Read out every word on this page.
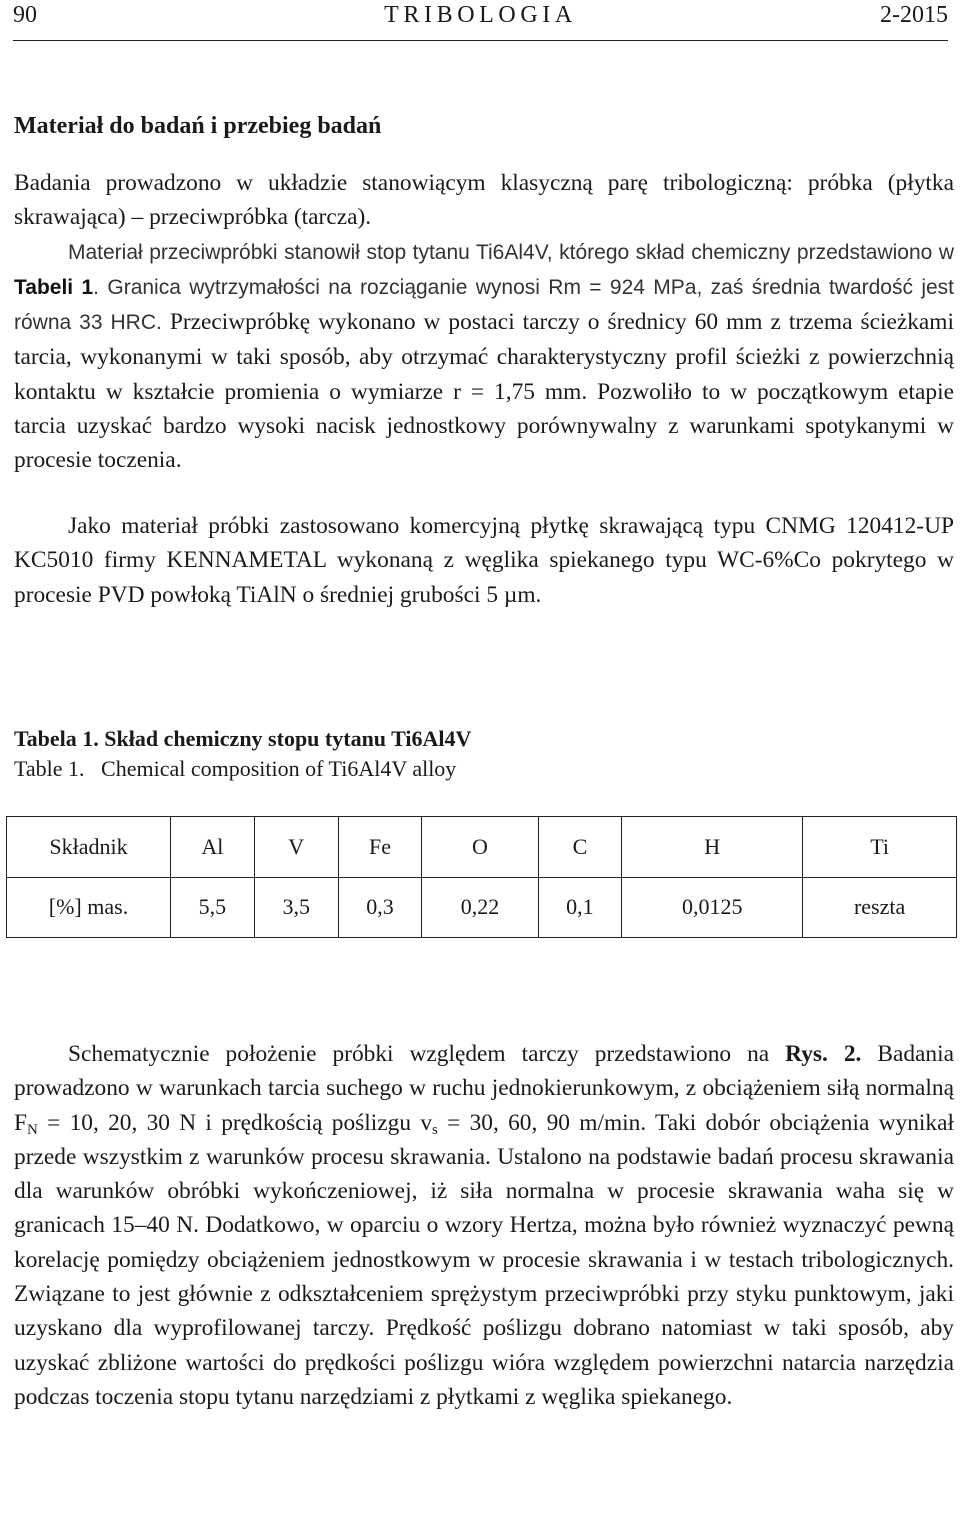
90	TRIBOLOGIA	2-2015
Materiał do badań i przebieg badań

Badania prowadzono w układzie stanowiącym klasyczną parę tribologiczną: próbka (płytka skrawająca) – przeciwpróbka (tarcza).
Materiał przeciwpróbki stanowił stop tytanu Ti6Al4V, którego skład chemiczny przedstawiono w Tabeli 1. Granica wytrzymałości na rozciąganie wynosi Rm = 924 MPa, zaś średnia twardość jest równa 33 HRC. Przeciwpróbkę wykonano w postaci tarczy o średnicy 60 mm z trzema ścieżkami tarcia, wykonanymi w taki sposób, aby otrzymać charakterystyczny profil ścieżki z powierzchnią kontaktu w kształcie promienia o wymiarze r = 1,75 mm. Pozwoliło to w początkowym etapie tarcia uzyskać bardzo wysoki nacisk jednostkowy porównywalny z warunkami spotykanymi w procesie toczenia.

Jako materiał próbki zastosowano komercyjną płytkę skrawającą typu CNMG 120412-UP KC5010 firmy KENNAMETAL wykonaną z węglika spiekanego typu WC-6%Co pokrytego w procesie PVD powłoką TiAlN o średniej grubości 5 µm.

Tabela 1. Skład chemiczny stopu tytanu Ti6Al4V
Table 1.   Chemical composition of Ti6Al4V alloy
Składnik	Al	V	Fe	O	C	H	Ti
[%] mas.	5,5	3,5	0,3	0,22	0,1	0,0125	reszta

Schematycznie położenie próbki względem tarczy przedstawiono na Rys. 2. Badania prowadzono w warunkach tarcia suchego w ruchu jednokierunkowym, z obciążeniem siłą normalną $F_N = 10$, 20, 30 N i prędkością poślizgu $v_s = 30$, 60, 90 m/min. Taki dobór obciążenia wynikał przede wszystkim z warunków procesu skrawania. Ustalono na podstawie badań procesu skrawania dla warunków obróbki wykończeniowej, iż siła normalna w procesie skrawania waha się w granicach 15–40 N. Dodatkowo, w oparciu o wzory Hertza, można było również wyznaczyć pewną korelację pomiędzy obciążeniem jednostkowym w procesie skrawania i w testach tribologicznych. Związane to jest głównie z odkształceniem sprężystym przeciwpróbki przy styku punktowym, jaki uzyskano dla wyprofilowanej tarczy. Prędkość poślizgu dobrano natomiast w taki sposób, aby uzyskać zbliżone wartości do prędkości poślizgu wióra względem powierzchni natarcia narzędzia podczas toczenia stopu tytanu narzędziami z płytkami z węglika spiekanego.
